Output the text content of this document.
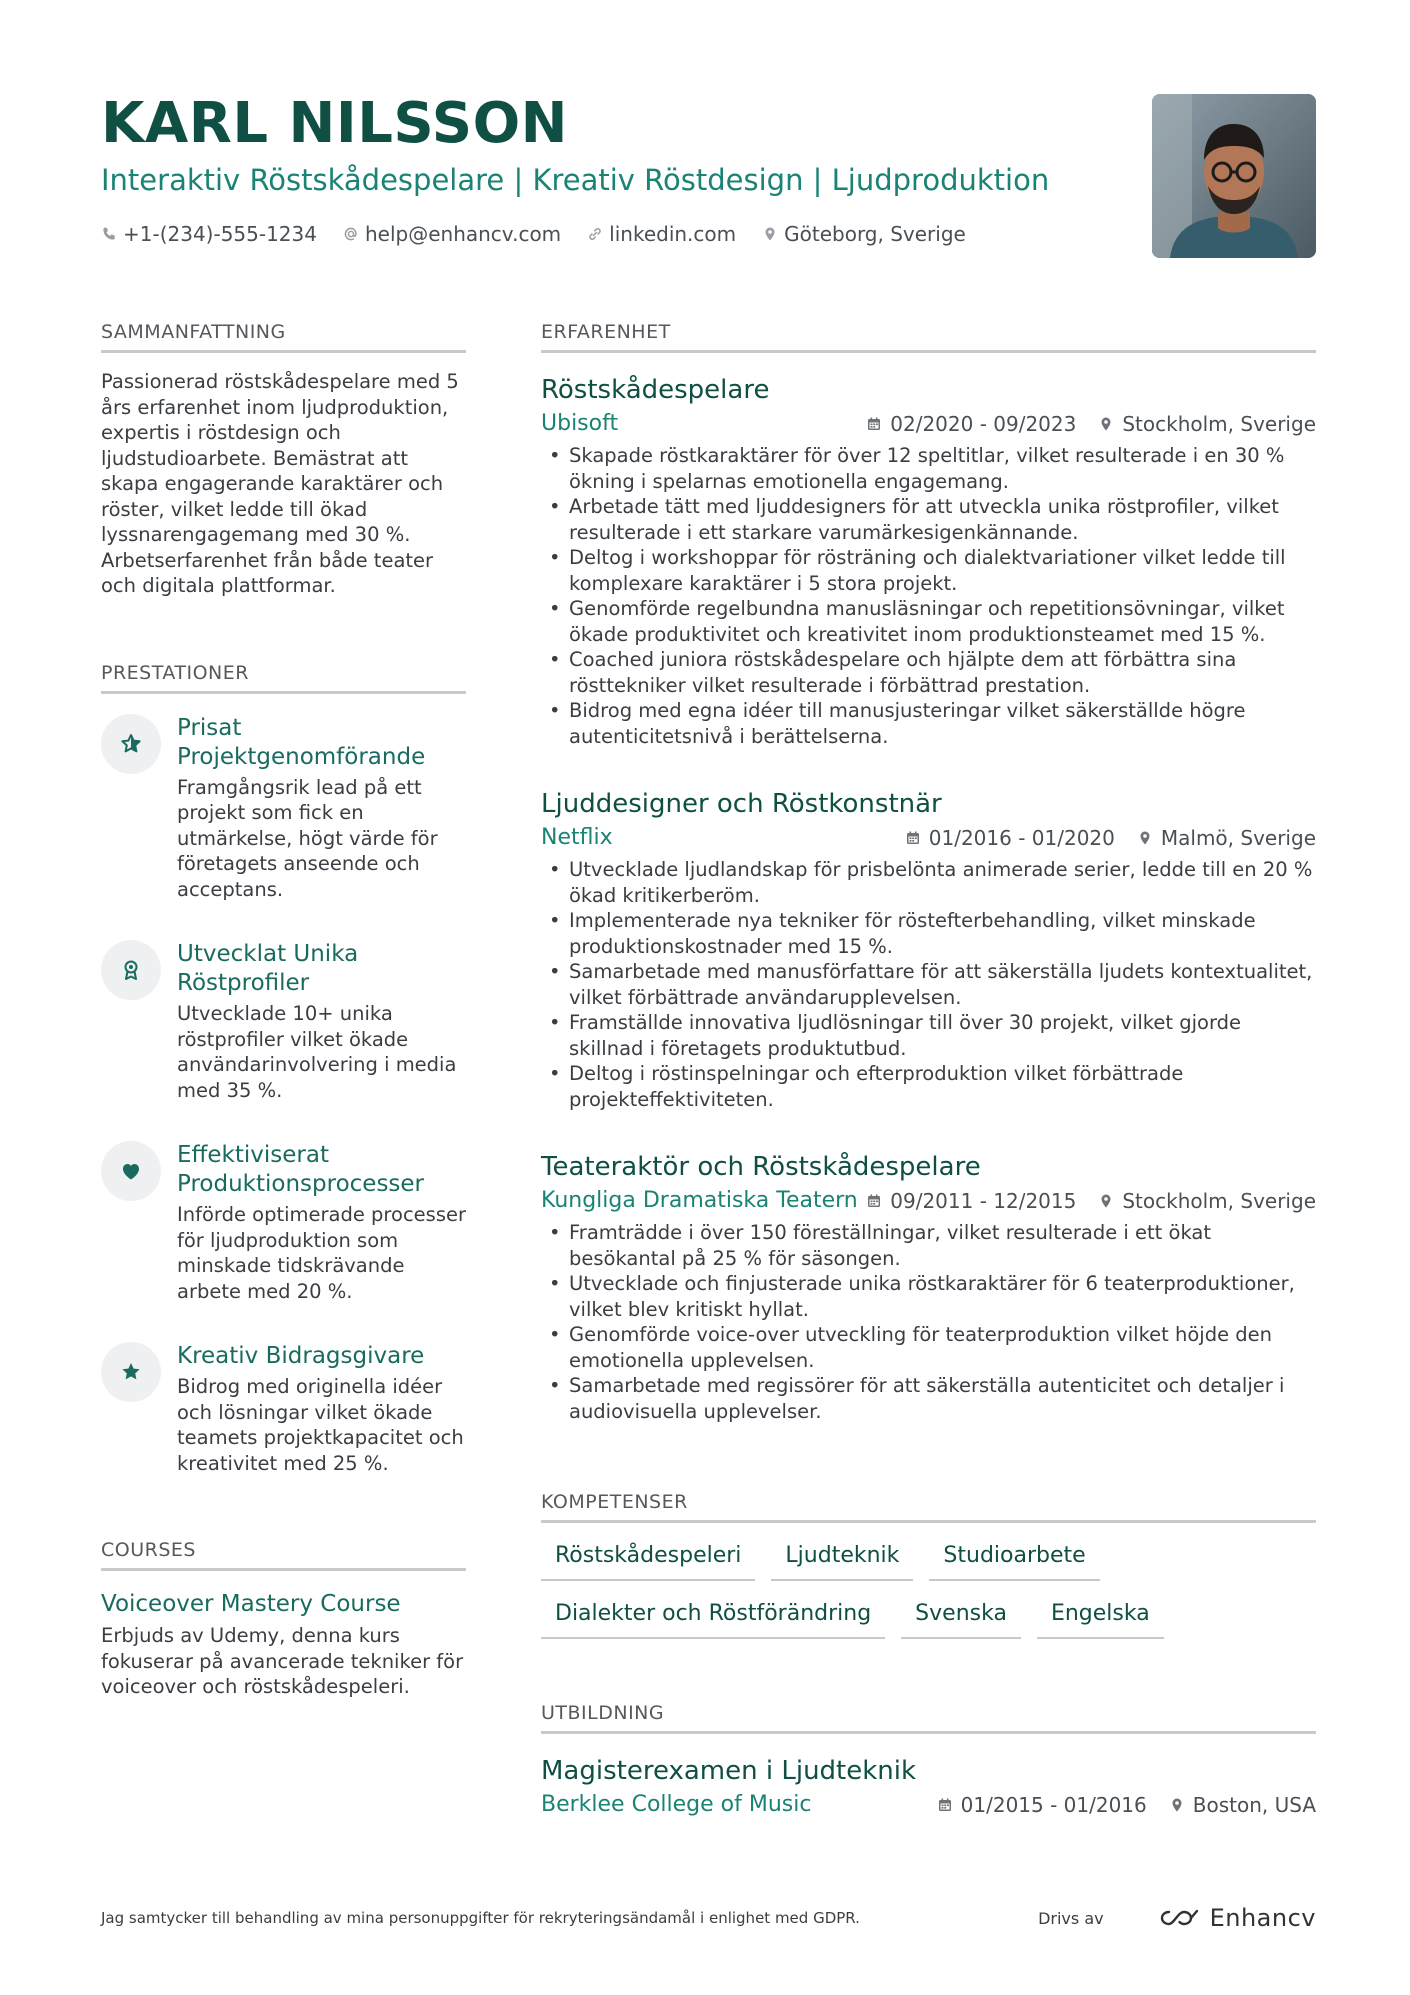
KARL NILSSON
Interaktiv Röstskådespelare | Kreativ Röstdesign | Ljudproduktion
+1-(234)-555-1234 help@enhancv.com linkedin.com Göteborg, Sverige
SAMMANFATTNING
Passionerad röstskådespelare med 5 års erfarenhet inom ljudproduktion, expertis i röstdesign och ljudstudioarbete. Bemästrat att skapa engagerande karaktärer och röster, vilket ledde till ökad lyssnarengagemang med 30 %. Arbetserfarenhet från både teater och digitala plattformar.
PRESTATIONER
Prisat Projektgenomförande
Framgångsrik lead på ett projekt som fick en utmärkelse, högt värde för företagets anseende och acceptans.
Utvecklat Unika Röstprofiler
Utvecklade 10+ unika röstprofiler vilket ökade användarinvolvering i media med 35 %.
Effektiviserat Produktionsprocesser
Införde optimerade processer för ljudproduktion som minskade tidskrävande arbete med 20 %.
Kreativ Bidragsgivare
Bidrog med originella idéer och lösningar vilket ökade teamets projektkapacitet och kreativitet med 25 %.
COURSES
Voiceover Mastery Course
Erbjuds av Udemy, denna kurs fokuserar på avancerade tekniker för voiceover och röstskådespeleri.
ERFARENHET
Röstskådespelare
Ubisoft	02/2020 - 09/2023 Stockholm, Sverige
• Skapade röstkaraktärer för över 12 speltitlar, vilket resulterade i en 30 % ökning i spelarnas emotionella engagemang.
• Arbetade tätt med ljuddesigners för att utveckla unika röstprofiler, vilket resulterade i ett starkare varumärkesigenkännande.
• Deltog i workshoppar för rösträning och dialektvariationer vilket ledde till komplexare karaktärer i 5 stora projekt.
• Genomförde regelbundna manusläsningar och repetitionsövningar, vilket ökade produktivitet och kreativitet inom produktionsteamet med 15 %.
• Coached juniora röstskådespelare och hjälpte dem att förbättra sina rösttekniker vilket resulterade i förbättrad prestation.
• Bidrog med egna idéer till manusjusteringar vilket säkerställde högre autenticitetsnivå i berättelserna.
Ljuddesigner och Röstkonstnär
Netflix	01/2016 - 01/2020 Malmö, Sverige
• Utvecklade ljudlandskap för prisbelönta animerade serier, ledde till en 20 % ökad kritikerberöm.
• Implementerade nya tekniker för röstefterbehandling, vilket minskade produktionskostnader med 15 %.
• Samarbetade med manusförfattare för att säkerställa ljudets kontextualitet, vilket förbättrade användarupplevelsen.
• Framställde innovativa ljudlösningar till över 30 projekt, vilket gjorde skillnad i företagets produktutbud.
• Deltog i röstinspelningar och efterproduktion vilket förbättrade projekteffektiviteten.
Teateraktör och Röstskådespelare
Kungliga Dramatiska Teatern 09/2011 - 12/2015 Stockholm, Sverige
• Framträdde i över 150 föreställningar, vilket resulterade i ett ökat besökantal på 25 % för säsongen.
• Utvecklade och finjusterade unika röstkaraktärer för 6 teaterproduktioner, vilket blev kritiskt hyllat.
• Genomförde voice-over utveckling för teaterproduktion vilket höjde den emotionella upplevelsen.
• Samarbetade med regissörer för att säkerställa autenticitet och detaljer i audiovisuella upplevelser.
KOMPETENSER
Röstskådespeleri	Ljudteknik	Studioarbete
Dialekter och Röstförändring	Svenska	Engelska
UTBILDNING
Magisterexamen i Ljudteknik
Berklee College of Music	01/2015 - 01/2016 Boston, USA
Jag samtycker till behandling av mina personuppgifter för rekryteringsändamål i enlighet med GDPR.	Drivs av	Enhancv
